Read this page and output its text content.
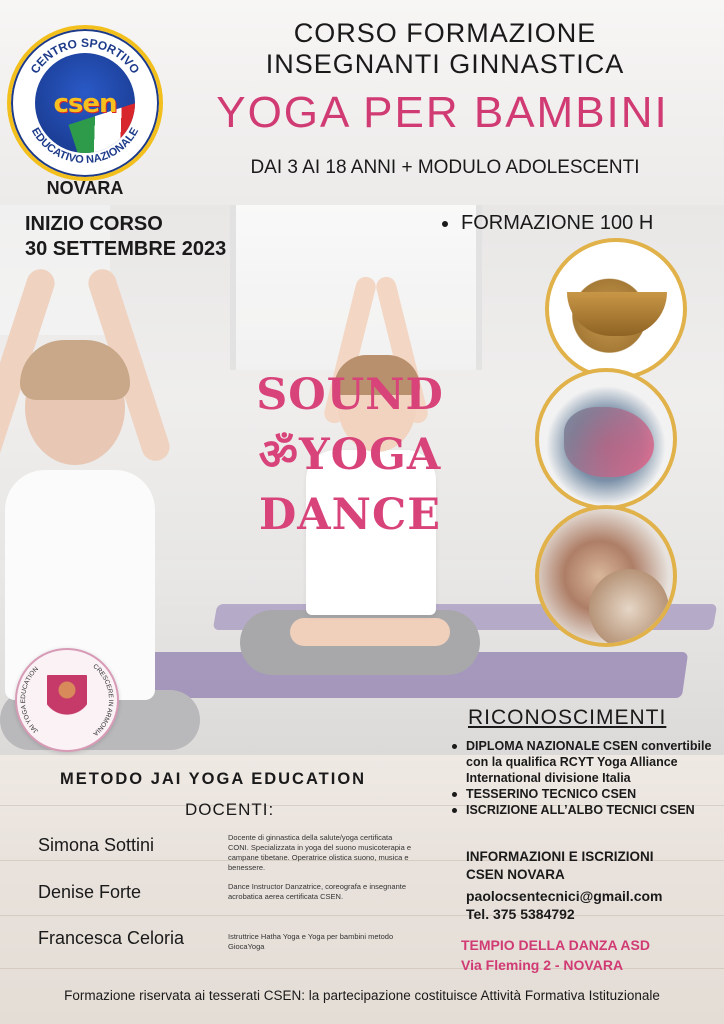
csen
CENTRO SPORTIVO
EDUCATIVO NAZIONALE
NOVARA
CORSO FORMAZIONE
INSEGNANTI GINNASTICA
YOGA PER BAMBINI
DAI 3 AI 18 ANNI + MODULO ADOLESCENTI
INIZIO CORSO
30 SETTEMBRE 2023
FORMAZIONE 100 H
SOUND
ॐYOGA
DANCE
JAI YOGA EDUCATION	CRESCERE IN ARMONIA
RICONOSCIMENTI
DIPLOMA NAZIONALE CSEN convertibile con la qualifica RCYT Yoga Alliance International divisione Italia
TESSERINO TECNICO CSEN
ISCRIZIONE ALL’ALBO TECNICI CSEN
INFORMAZIONI E ISCRIZIONI
CSEN NOVARA
paolocsentecnici@gmail.com
Tel. 375 5384792
TEMPIO DELLA DANZA ASD
Via Fleming 2 - NOVARA
METODO JAI YOGA EDUCATION
DOCENTI:
Simona Sottini	Docente di ginnastica della salute/yoga certificata CONI. Specializzata in yoga del suono musicoterapia e campane tibetane. Operatrice olistica suono, musica e benessere.
Denise Forte	Dance Instructor Danzatrice, coreografa e insegnante acrobatica aerea certificata CSEN.
Francesca Celoria	Istruttrice Hatha Yoga e Yoga per bambini metodo GiocaYoga
Formazione riservata ai tesserati CSEN: la partecipazione costituisce Attività Formativa Istituzionale
